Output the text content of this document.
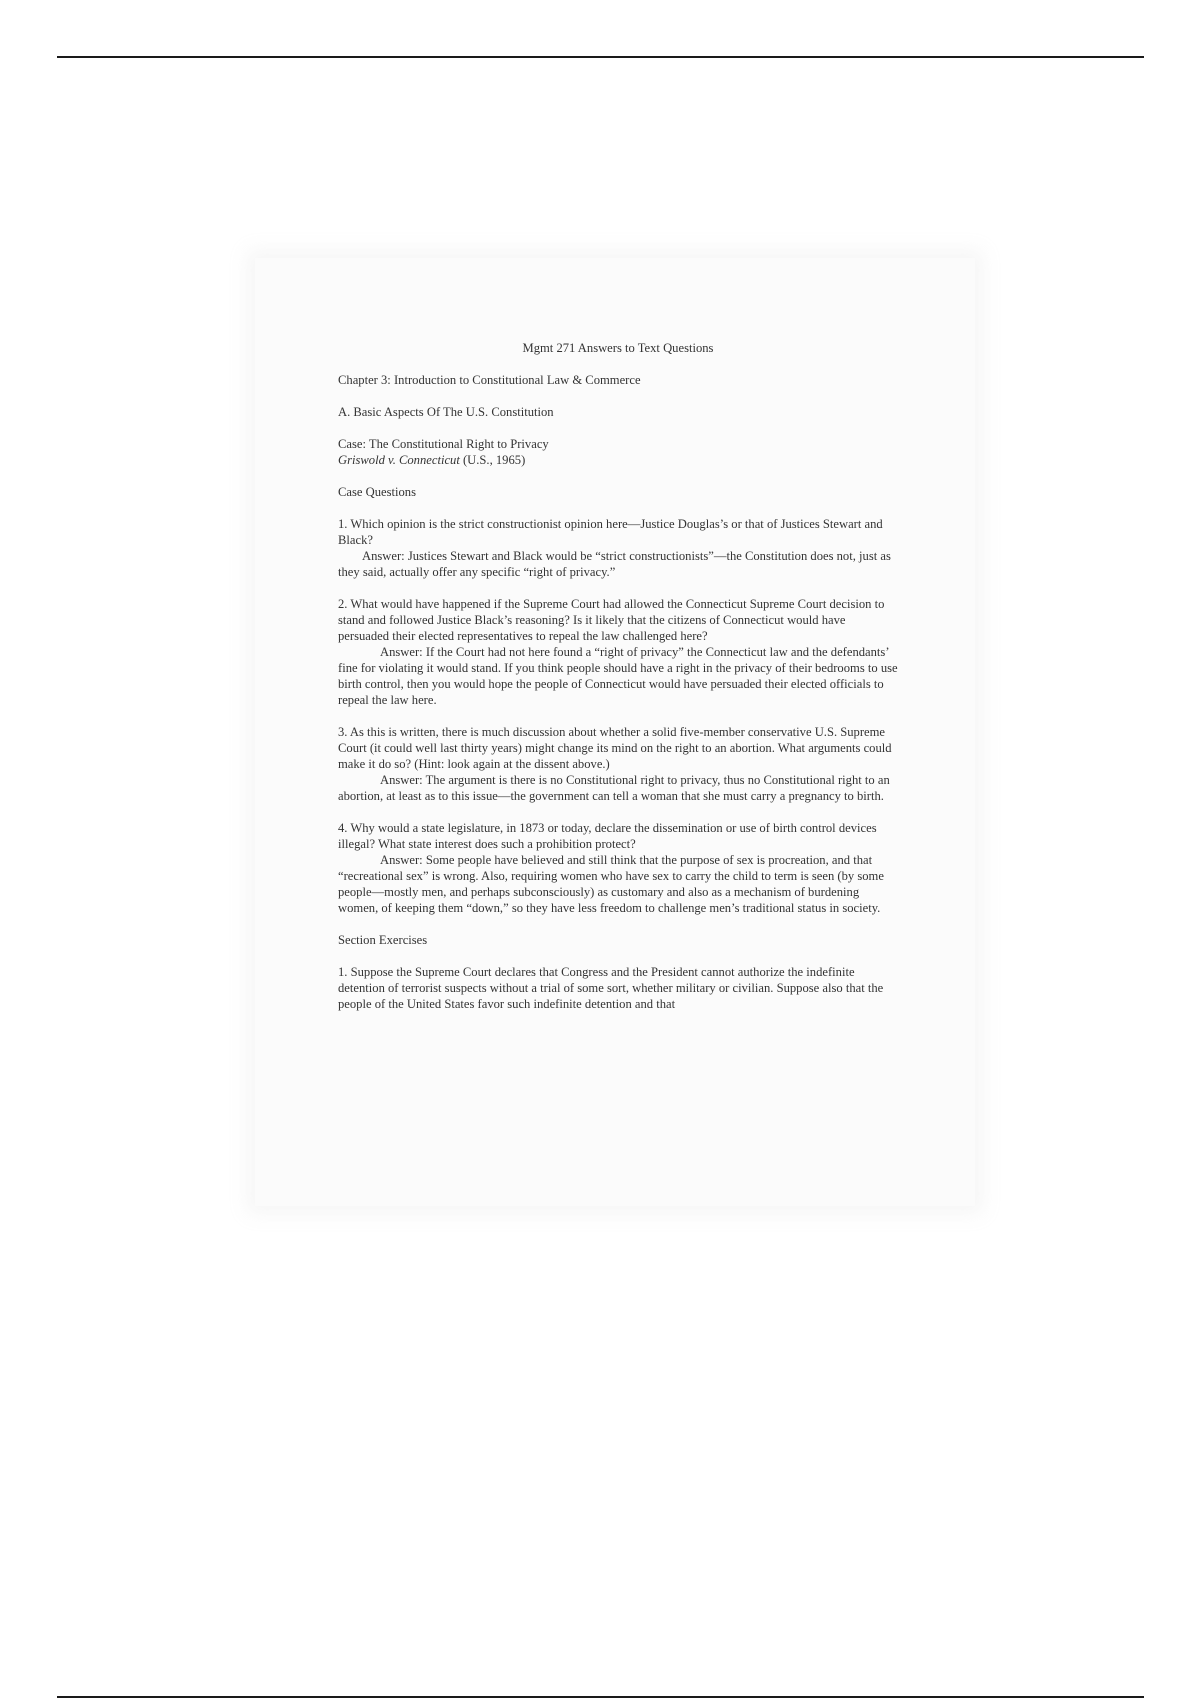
Mgmt 271 Answers to Text Questions

Chapter 3: Introduction to Constitutional Law & Commerce

A. Basic Aspects Of The U.S. Constitution

Case: The Constitutional Right to Privacy

Griswold v. Connecticut (U.S., 1965)

Case Questions

1. Which opinion is the strict constructionist opinion here—Justice Douglas’s or that of Justices Stewart and Black?

Answer: Justices Stewart and Black would be “strict constructionists”—the Constitution does not, just as they said, actually offer any specific “right of privacy.”

2. What would have happened if the Supreme Court had allowed the Connecticut Supreme Court decision to stand and followed Justice Black’s reasoning? Is it likely that the citizens of Connecticut would have persuaded their elected representatives to repeal the law challenged here?

Answer: If the Court had not here found a “right of privacy” the Connecticut law and the defendants’ fine for violating it would stand. If you think people should have a right in the privacy of their bedrooms to use birth control, then you would hope the people of Connecticut would have persuaded their elected officials to repeal the law here.

3. As this is written, there is much discussion about whether a solid five-member conservative U.S. Supreme Court (it could well last thirty years) might change its mind on the right to an abortion. What arguments could make it do so? (Hint: look again at the dissent above.)

Answer: The argument is there is no Constitutional right to privacy, thus no Constitutional right to an abortion, at least as to this issue—the government can tell a woman that she must carry a pregnancy to birth.

4. Why would a state legislature, in 1873 or today, declare the dissemination or use of birth control devices illegal? What state interest does such a prohibition protect?

Answer: Some people have believed and still think that the purpose of sex is procreation, and that “recreational sex” is wrong. Also, requiring women who have sex to carry the child to term is seen (by some people—mostly men, and perhaps subconsciously) as customary and also as a mechanism of burdening women, of keeping them “down,” so they have less freedom to challenge men’s traditional status in society.

Section Exercises

1. Suppose the Supreme Court declares that Congress and the President cannot authorize the indefinite detention of terrorist suspects without a trial of some sort, whether military or civilian. Suppose also that the people of the United States favor such indefinite detention and that
